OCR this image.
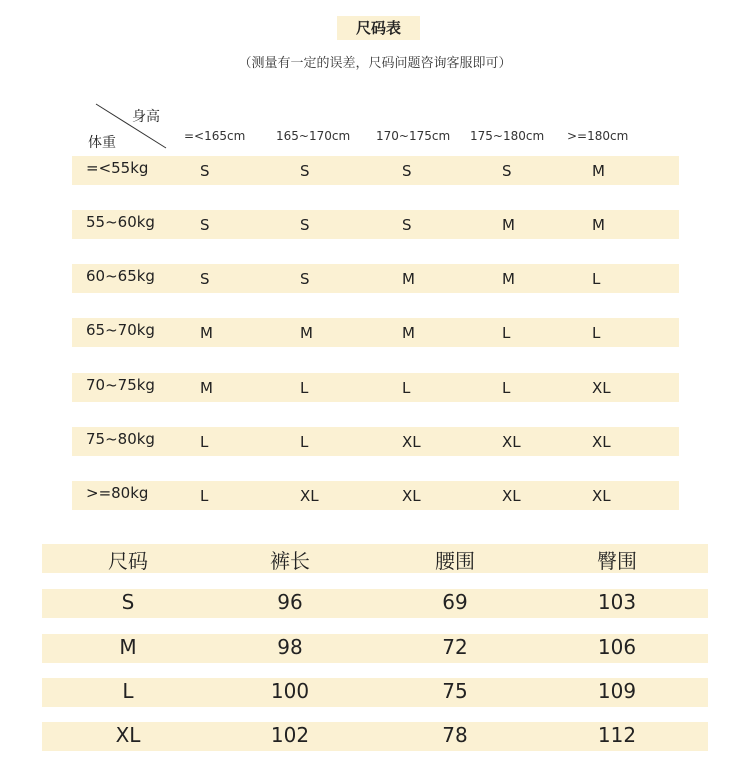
尺码表
（测量有一定的误差，尺码问题咨询客服即可）
身高
体重	=<165cm	165~170cm 170~175cm 175~180cm >=180cm
=<55kg	S	S	S	S	M
55~60kg	S	S	S	M	M
60~65kg	S	S	M	M	L
65~70kg	M	M	M	L	L
70~75kg	M	L	L	L	XL
75~80kg	L	L	XL	XL	XL
>=80kg	L	XL	XL	XL	XL
尺码	裤长	腰围	臀围
S	96	69	103
M	98	72	106
L	100	75	109
XL	102	78	112
